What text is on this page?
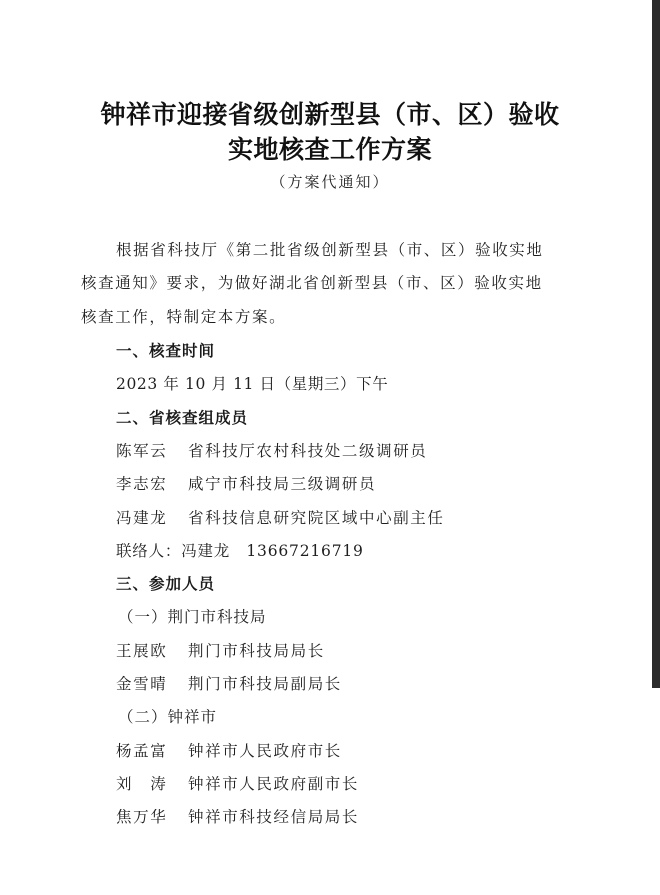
钟祥市迎接省级创新型县（市、区）验收
实地核查工作方案
（方案代通知）
根据省科技厅《第二批省级创新型县（市、区）验收实地
核查通知》要求，为做好湖北省创新型县（市、区）验收实地
核查工作，特制定本方案。
一、核查时间
2023 年 10 月 11 日（星期三）下午
二、省核查组成员
陈军云 省科技厅农村科技处二级调研员
李志宏 咸宁市科技局三级调研员
冯建龙 省科技信息研究院区域中心副主任
联络人：冯建龙　13667216719
三、参加人员
（一）荆门市科技局
王展欧 荆门市科技局局长
金雪晴 荆门市科技局副局长
（二）钟祥市
杨孟富 钟祥市人民政府市长
刘　涛 钟祥市人民政府副市长
焦万华 钟祥市科技经信局局长
